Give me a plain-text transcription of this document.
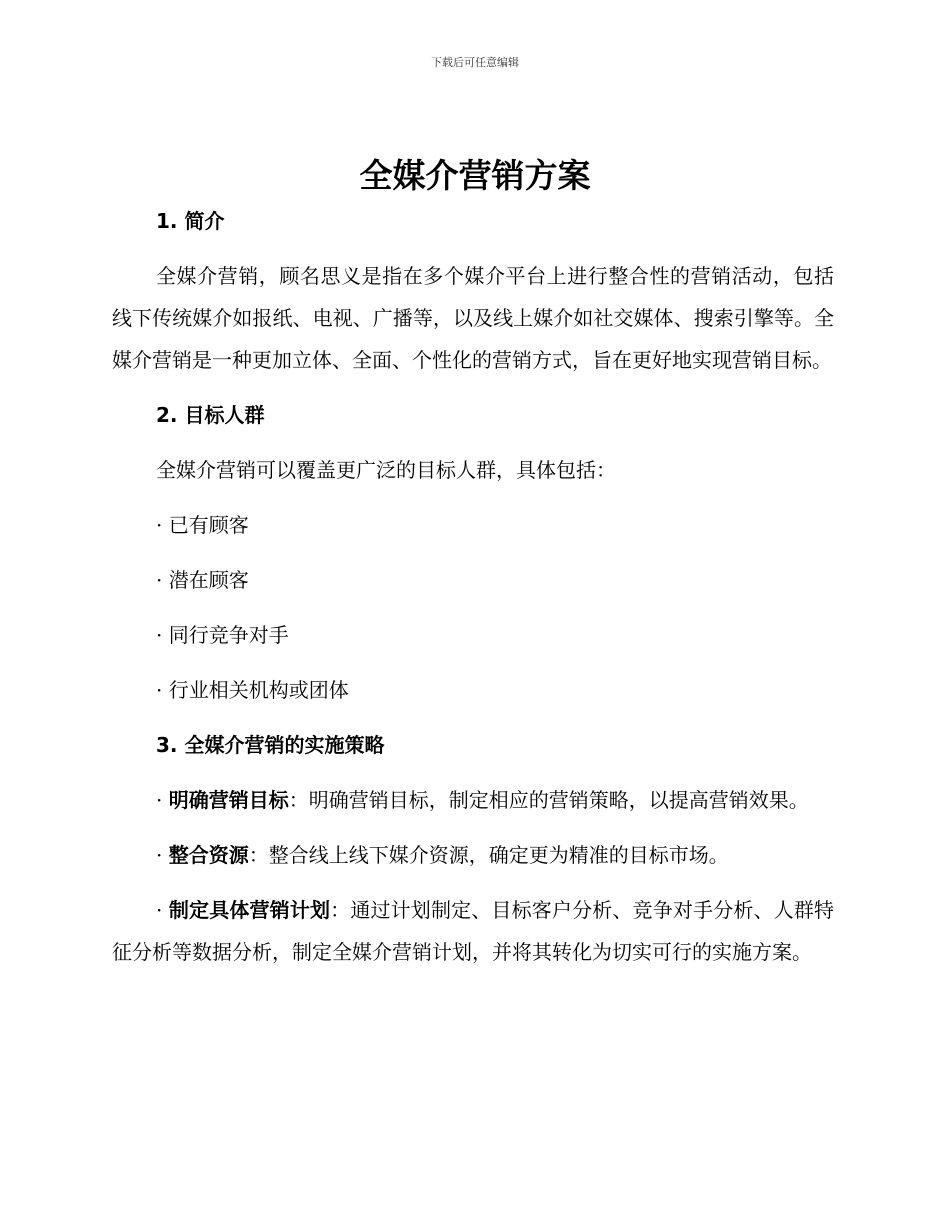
下载后可任意编辑
全媒介营销方案

1. 简介

全媒介营销，顾名思义是指在多个媒介平台上进行整合性的营销活动，包括线下传统媒介如报纸、电视、广播等，以及线上媒介如社交媒体、搜索引擎等。全媒介营销是一种更加立体、全面、个性化的营销方式，旨在更好地实现营销目标。

2. 目标人群

全媒介营销可以覆盖更广泛的目标人群，具体包括：

· 已有顾客

· 潜在顾客

· 同行竞争对手

· 行业相关机构或团体

3. 全媒介营销的实施策略

· 明确营销目标：明确营销目标，制定相应的营销策略，以提高营销效果。

· 整合资源：整合线上线下媒介资源，确定更为精准的目标市场。

· 制定具体营销计划：通过计划制定、目标客户分析、竞争对手分析、人群特征分析等数据分析，制定全媒介营销计划，并将其转化为切实可行的实施方案。
